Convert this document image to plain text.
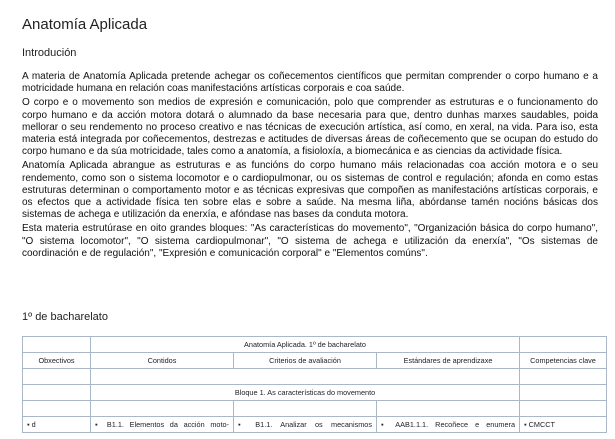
Anatomía Aplicada
Introdución

A materia de Anatomía Aplicada pretende achegar os coñecementos científicos que permitan comprender o corpo humano e a motricidade humana en relación coas manifestacións artísticas corporais e coa saúde.

O corpo e o movemento son medios de expresión e comunicación, polo que comprender as estruturas e o funcionamento do corpo humano e da acción motora dotará o alumnado da base necesaria para que, dentro dunhas marxes saudables, poida mellorar o seu rendemento no proceso creativo e nas técnicas de execución artística, así como, en xeral, na vida. Para iso, esta materia está integrada por coñecementos, destrezas e actitudes de diversas áreas de coñecemento que se ocupan do estudo do corpo humano e da súa motricidade, tales como a anatomía, a fisioloxía, a biomecánica e as ciencias da actividade física.

Anatomía Aplicada abrangue as estruturas e as funcións do corpo humano máis relacionadas coa acción motora e o seu rendemento, como son o sistema locomotor e o cardiopulmonar, ou os sistemas de control e regulación; afonda en como estas estruturas determinan o comportamento motor e as técnicas expresivas que compoñen as manifestacións artísticas corporais, e os efectos que a actividade física ten sobre elas e sobre a saúde. Na mesma liña, abórdanse tamén nocións básicas dos sistemas de achega e utilización da enerxía, e afóndase nas bases da conduta motora.

Esta materia estrutúrase en oito grandes bloques: "As características do movemento", "Organización básica do corpo humano", "O sistema locomotor", "O sistema cardiopulmonar", "O sistema de achega e utilización da enerxía", "Os sistemas de coordinación e de regulación", "Expresión e comunicación corporal" e "Elementos comúns".

1º de bacharelato
	Anatomía Aplicada. 1º de bacharelato			
Obxectivos	Contidos	Criterios de avaliación	Estándares de aprendizaxe	Competencias clave

	Bloque 1. As características do movemento			

▪ d	▪ B1.1. Elementos da acción moto-	▪ B1.1. Analizar os mecanismos	▪ AAB1.1.1. Recoñece e enumera	▪ CMCCT
